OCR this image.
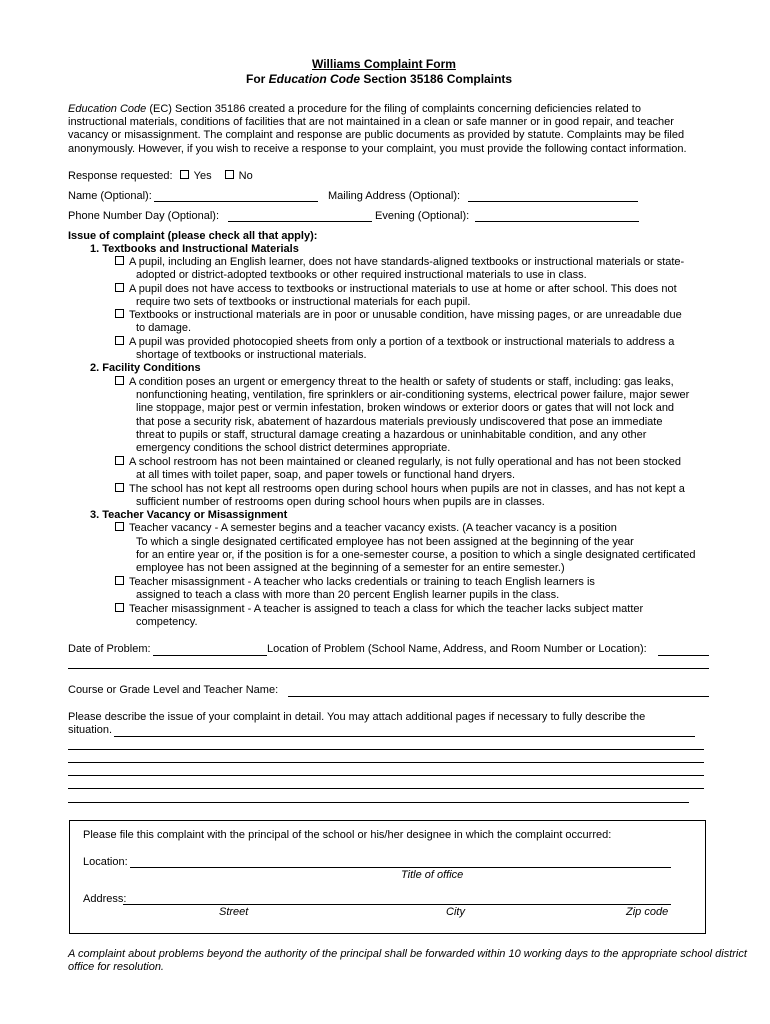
Williams Complaint Form
For Education Code Section 35186 Complaints
Education Code (EC) Section 35186 created a procedure for the filing of complaints concerning deficiencies related to
instructional materials, conditions of facilities that are not maintained in a clean or safe manner or in good repair, and teacher
vacancy or misassignment. The complaint and response are public documents as provided by statute. Complaints may be filed
anonymously. However, if you wish to receive a response to your complaint, you must provide the following contact information.
Response requested: Yes No
Name (Optional):	Mailing Address (Optional):
Phone Number Day (Optional):	Evening (Optional):
Issue of complaint (please check all that apply):
1. Textbooks and Instructional Materials
A pupil, including an English learner, does not have standards-aligned textbooks or instructional materials or state-
adopted or district-adopted textbooks or other required instructional materials to use in class.
A pupil does not have access to textbooks or instructional materials to use at home or after school. This does not
require two sets of textbooks or instructional materials for each pupil.
Textbooks or instructional materials are in poor or unusable condition, have missing pages, or are unreadable due
to damage.
A pupil was provided photocopied sheets from only a portion of a textbook or instructional materials to address a
shortage of textbooks or instructional materials.
2. Facility Conditions
A condition poses an urgent or emergency threat to the health or safety of students or staff, including: gas leaks,
nonfunctioning heating, ventilation, fire sprinklers or air-conditioning systems, electrical power failure, major sewer
line stoppage, major pest or vermin infestation, broken windows or exterior doors or gates that will not lock and
that pose a security risk, abatement of hazardous materials previously undiscovered that pose an immediate
threat to pupils or staff, structural damage creating a hazardous or uninhabitable condition, and any other
emergency conditions the school district determines appropriate.
A school restroom has not been maintained or cleaned regularly, is not fully operational and has not been stocked
at all times with toilet paper, soap, and paper towels or functional hand dryers.
The school has not kept all restrooms open during school hours when pupils are not in classes, and has not kept a
sufficient number of restrooms open during school hours when pupils are in classes.
3. Teacher Vacancy or Misassignment
Teacher vacancy - A semester begins and a teacher vacancy exists. (A teacher vacancy is a position
To which a single designated certificated employee has not been assigned at the beginning of the year
for an entire year or, if the position is for a one-semester course, a position to which a single designated certificated
employee has not been assigned at the beginning of a semester for an entire semester.)
Teacher misassignment - A teacher who lacks credentials or training to teach English learners is
assigned to teach a class with more than 20 percent English learner pupils in the class.
Teacher misassignment - A teacher is assigned to teach a class for which the teacher lacks subject matter
competency.
Date of Problem:	Location of Problem (School Name, Address, and Room Number or Location):
Course or Grade Level and Teacher Name:
Please describe the issue of your complaint in detail. You may attach additional pages if necessary to fully describe the
situation.
Please file this complaint with the principal of the school or his/her designee in which the complaint occurred:
Location:
Title of office
Address:
Street	City	Zip code
A complaint about problems beyond the authority of the principal shall be forwarded within 10 working days to the appropriate school district
office for resolution.
